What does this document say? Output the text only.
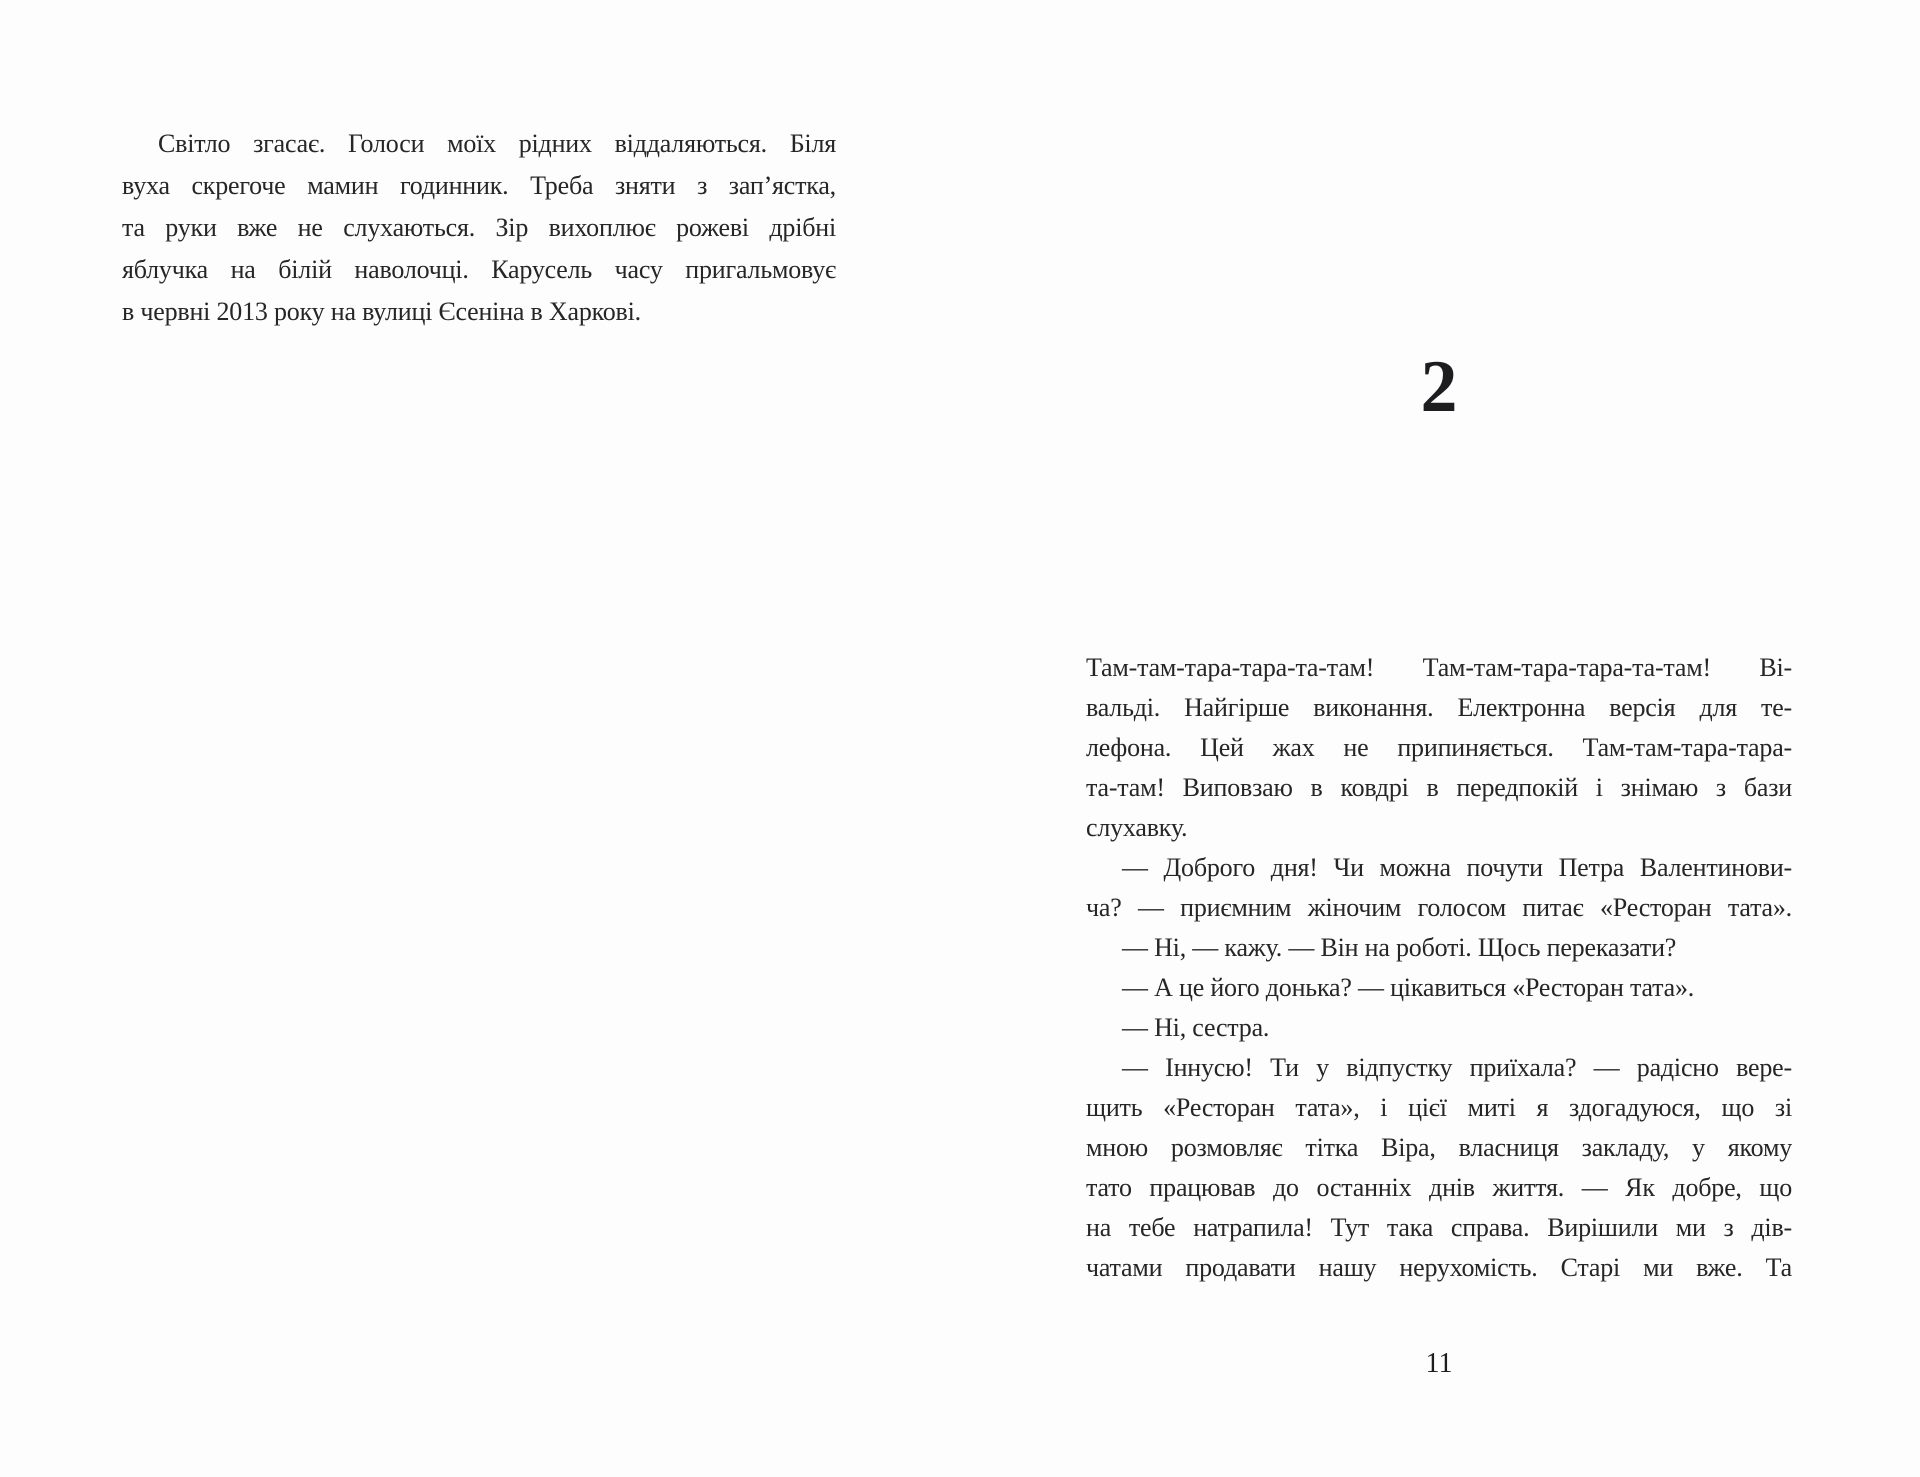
Світло згасає. Голоси моїх рідних віддаляються. Біля
вуха скрегоче мамин годинник. Треба зняти з зап’ястка,
та руки вже не слухаються. Зір вихоплює рожеві дрібні
яблучка на білій наволочці. Карусель часу пригальмовує
в червні 2013 року на вулиці Єсеніна в Харкові.
2
Там-там-тара-тара-та-там! Там-там-тара-тара-та-там! Ві-
вальді. Найгірше виконання. Електронна версія для те-
лефона. Цей жах не припиняється. Там-там-тара-тара-
та-там! Виповзаю в ковдрі в передпокій і знімаю з бази
слухавку.
— Доброго дня! Чи можна почути Петра Валентинови-
ча? — приємним жіночим голосом питає «Ресторан тата».
— Ні, — кажу. — Він на роботі. Щось переказати?
— А це його донька? — цікавиться «Ресторан тата».
— Ні, сестра.
— Іннусю! Ти у відпустку приїхала? — радісно вере-
щить «Ресторан тата», і цієї миті я здогадуюся, що зі
мною розмовляє тітка Віра, власниця закладу, у якому
тато працював до останніх днів життя. — Як добре, що
на тебе натрапила! Тут така справа. Вирішили ми з дів-
чатами продавати нашу нерухомість. Старі ми вже. Та
11
